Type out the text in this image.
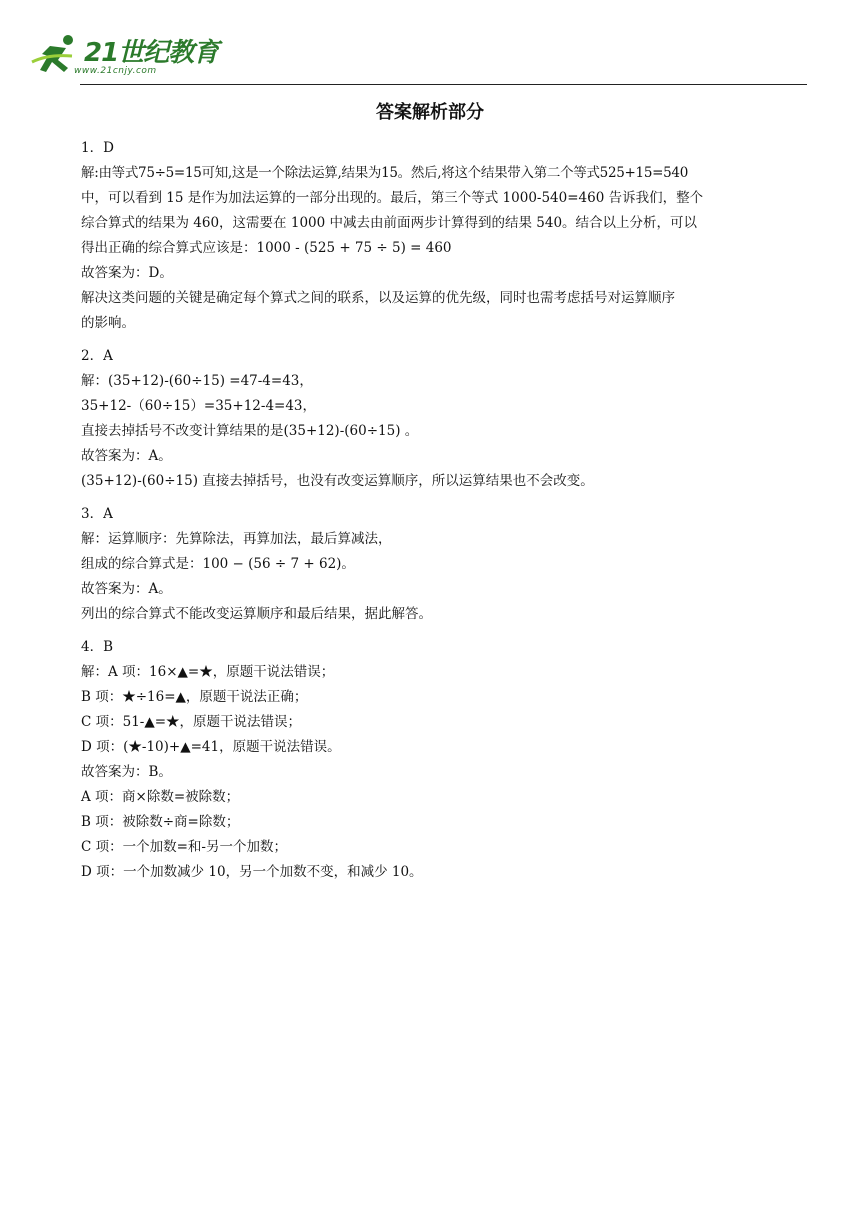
21世纪教育
www.21cnjy.com
答案解析部分
1．D
解:由等式75÷5=15可知,这是一个除法运算,结果为15。然后,将这个结果带入第二个等式525+15=540
中，可以看到 15 是作为加法运算的一部分出现的。最后，第三个等式 1000-540=460 告诉我们，整个
综合算式的结果为 460，这需要在 1000 中减去由前面两步计算得到的结果 540。结合以上分析，可以
得出正确的综合算式应该是：1000 - (525 + 75 ÷ 5) = 460
故答案为：D。
解决这类问题的关键是确定每个算式之间的联系，以及运算的优先级，同时也需考虑括号对运算顺序
的影响。
2．A
解：(35+12)-(60÷15) =47-4=43，
35+12-（60÷15）=35+12-4=43，
直接去掉括号不改变计算结果的是(35+12)-(60÷15) 。
故答案为：A。
(35+12)-(60÷15) 直接去掉括号，也没有改变运算顺序，所以运算结果也不会改变。
3．A
解：运算顺序：先算除法，再算加法，最后算减法，
组成的综合算式是：100 − (56 ÷ 7 + 62)。
故答案为：A。
列出的综合算式不能改变运算顺序和最后结果，据此解答。
4．B
解：A 项：16×▲=★，原题干说法错误；
B 项：★÷16=▲，原题干说法正确；
C 项：51-▲=★，原题干说法错误；
D 项：(★-10)+▲=41，原题干说法错误。
故答案为：B。
A 项：商×除数=被除数；
B 项：被除数÷商=除数；
C 项：一个加数=和-另一个加数；
D 项：一个加数减少 10，另一个加数不变，和减少 10。
